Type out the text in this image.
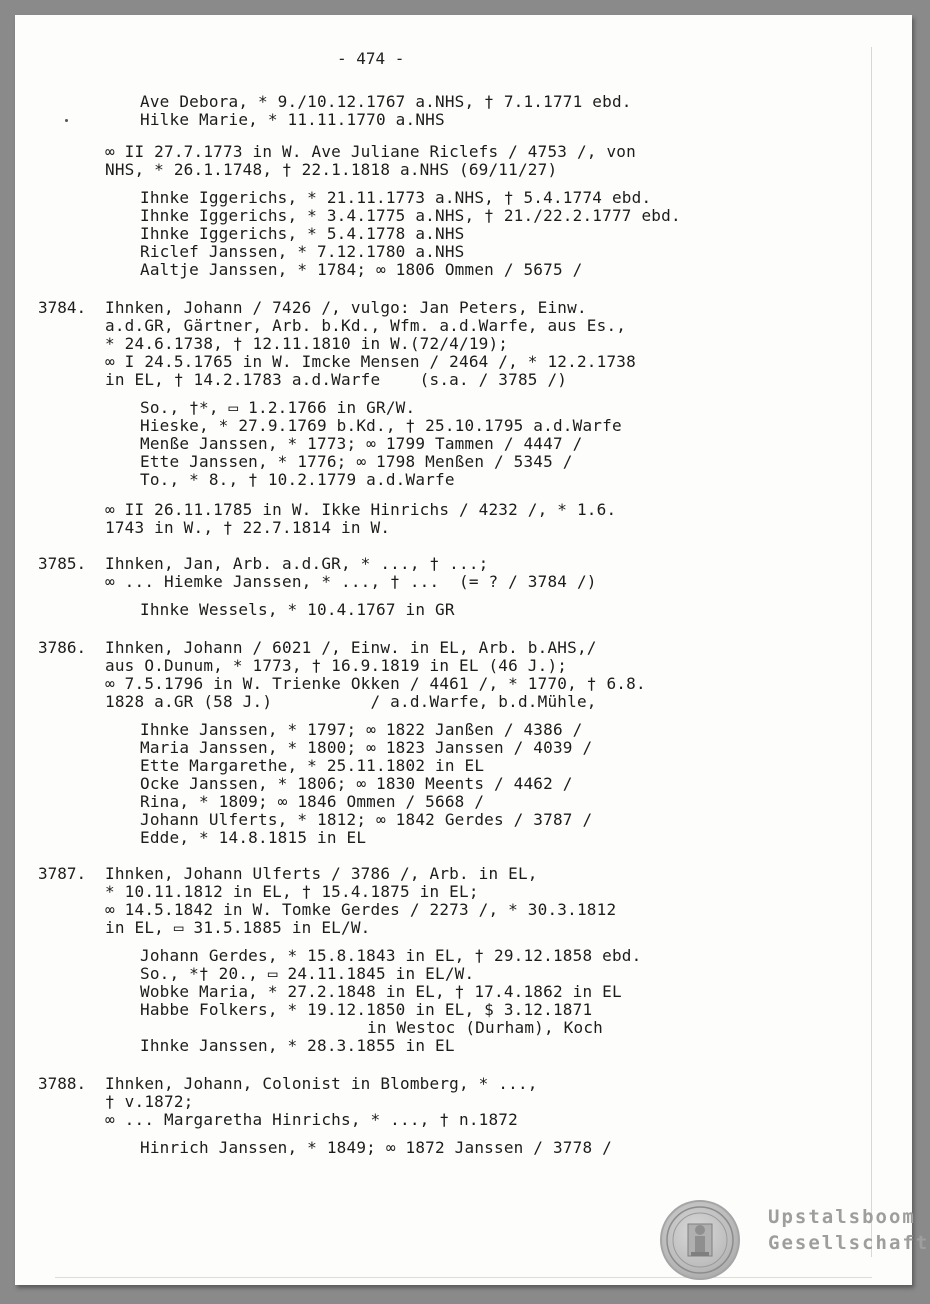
- 474 -
Ave Debora, * 9./10.12.1767 a.NHS, † 7.1.1771 ebd.
Hilke Marie, * 11.11.1770 a.NHS
∞ II 27.7.1773 in W. Ave Juliane Riclefs / 4753 /, von
NHS, * 26.1.1748, † 22.1.1818 a.NHS (69/11/27)
Ihnke Iggerichs, * 21.11.1773 a.NHS, † 5.4.1774 ebd.
Ihnke Iggerichs, * 3.4.1775 a.NHS, † 21./22.2.1777 ebd.
Ihnke Iggerichs, * 5.4.1778 a.NHS
Riclef Janssen, * 7.12.1780 a.NHS
Aaltje Janssen, * 1784; ∞ 1806 Ommen / 5675 /
3784. Ihnken, Johann / 7426 /, vulgo: Jan Peters, Einw.
a.d.GR, Gärtner, Arb. b.Kd., Wfm. a.d.Warfe, aus Es.,
* 24.6.1738, † 12.11.1810 in W.(72/4/19);
∞ I 24.5.1765 in W. Imcke Mensen / 2464 /, * 12.2.1738
in EL, † 14.2.1783 a.d.Warfe    (s.a. / 3785 /)
So., †*, ▭ 1.2.1766 in GR/W.
Hieske, * 27.9.1769 b.Kd., † 25.10.1795 a.d.Warfe
Menße Janssen, * 1773; ∞ 1799 Tammen / 4447 /
Ette Janssen, * 1776; ∞ 1798 Menßen / 5345 /
To., * 8., † 10.2.1779 a.d.Warfe
∞ II 26.11.1785 in W. Ikke Hinrichs / 4232 /, * 1.6.
1743 in W., † 22.7.1814 in W.
3785. Ihnken, Jan, Arb. a.d.GR, * ..., † ...;
∞ ... Hiemke Janssen, * ..., † ...  (= ? / 3784 /)
Ihnke Wessels, * 10.4.1767 in GR
3786. Ihnken, Johann / 6021 /, Einw. in EL, Arb. b.AHS,/
aus O.Dunum, * 1773, † 16.9.1819 in EL (46 J.);
∞ 7.5.1796 in W. Trienke Okken / 4461 /, * 1770, † 6.8.
1828 a.GR (58 J.)          / a.d.Warfe, b.d.Mühle,
Ihnke Janssen, * 1797; ∞ 1822 Janßen / 4386 /
Maria Janssen, * 1800; ∞ 1823 Janssen / 4039 /
Ette Margarethe, * 25.11.1802 in EL
Ocke Janssen, * 1806; ∞ 1830 Meents / 4462 /
Rina, * 1809; ∞ 1846 Ommen / 5668 /
Johann Ulferts, * 1812; ∞ 1842 Gerdes / 3787 /
Edde, * 14.8.1815 in EL
3787. Ihnken, Johann Ulferts / 3786 /, Arb. in EL,
* 10.11.1812 in EL, † 15.4.1875 in EL;
∞ 14.5.1842 in W. Tomke Gerdes / 2273 /, * 30.3.1812
in EL, ▭ 31.5.1885 in EL/W.
Johann Gerdes, * 15.8.1843 in EL, † 29.12.1858 ebd.
So., *† 20., ▭ 24.11.1845 in EL/W.
Wobke Maria, * 27.2.1848 in EL, † 17.4.1862 in EL
Habbe Folkers, * 19.12.1850 in EL, $ 3.12.1871
in Westoc (Durham), Koch
Ihnke Janssen, * 28.3.1855 in EL
3788. Ihnken, Johann, Colonist in Blomberg, * ...,
† v.1872;
∞ ... Margaretha Hinrichs, * ..., † n.1872
Hinrich Janssen, * 1849; ∞ 1872 Janssen / 3778 /
Upstalsboom
Gesellschaft
